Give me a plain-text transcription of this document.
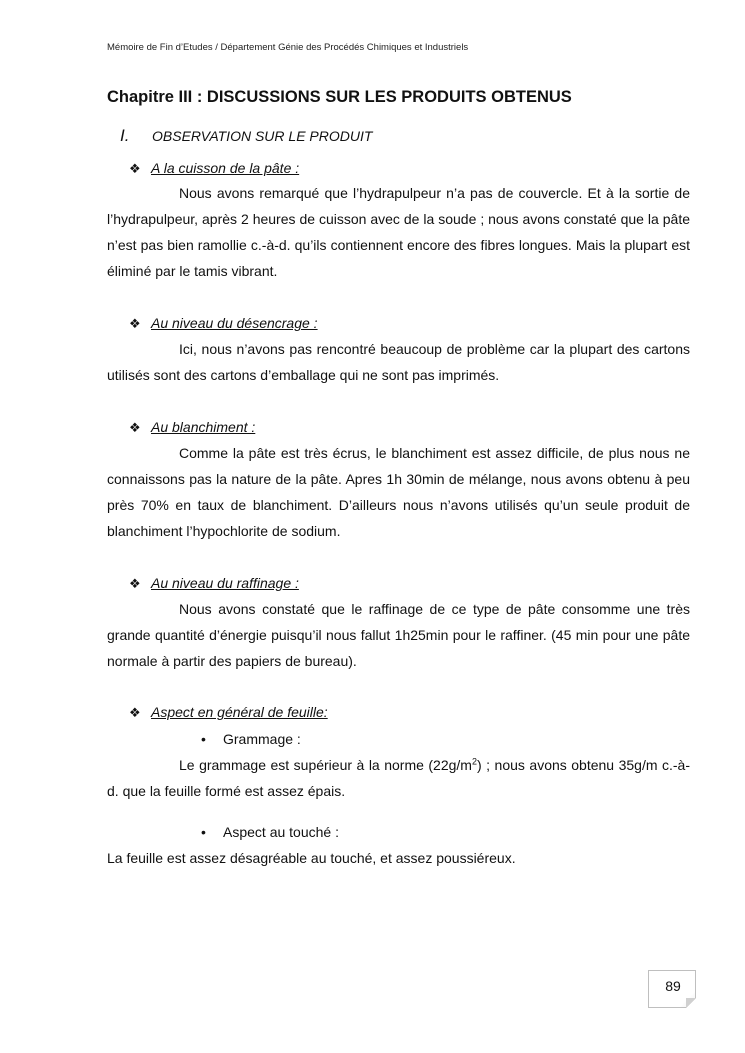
Mémoire de Fin d’Etudes / Département Génie des Procédés Chimiques et Industriels
Chapitre III : DISCUSSIONS SUR LES PRODUITS OBTENUS
I. OBSERVATION SUR LE PRODUIT
❖ A la cuisson de la pâte :

Nous avons remarqué que l’hydrapulpeur n’a pas de couvercle. Et à la sortie de l’hydrapulpeur, après 2 heures de cuisson avec de la soude ; nous avons constaté que la pâte n’est pas bien ramollie c.-à-d. qu’ils contiennent encore des fibres longues. Mais la plupart est éliminé par le tamis vibrant.

❖ Au niveau du désencrage :

Ici, nous n’avons pas rencontré beaucoup de problème car la plupart des cartons utilisés sont des cartons d’emballage qui ne sont pas imprimés.

❖ Au blanchiment :

Comme la pâte est très écrus, le blanchiment est assez difficile, de plus nous ne connaissons pas la nature de la pâte. Apres 1h 30min de mélange, nous avons obtenu à peu près 70% en taux de blanchiment. D’ailleurs nous n’avons utilisés qu’un seule produit de blanchiment l’hypochlorite de sodium.

❖ Au niveau du raffinage :

Nous avons constaté que le raffinage de ce type de pâte consomme une très grande quantité d’énergie puisqu’il nous fallut 1h25min pour le raffiner. (45 min pour une pâte normale à partir des papiers de bureau).

❖ Aspect en général de feuille:
• Grammage :

Le grammage est supérieur à la norme $(22g/m^2)$ ; nous avons obtenu 35g/m c.-à-d. que la feuille formé est assez épais.

• Aspect au touché :

La feuille est assez désagréable au touché, et assez poussiéreux.

89
